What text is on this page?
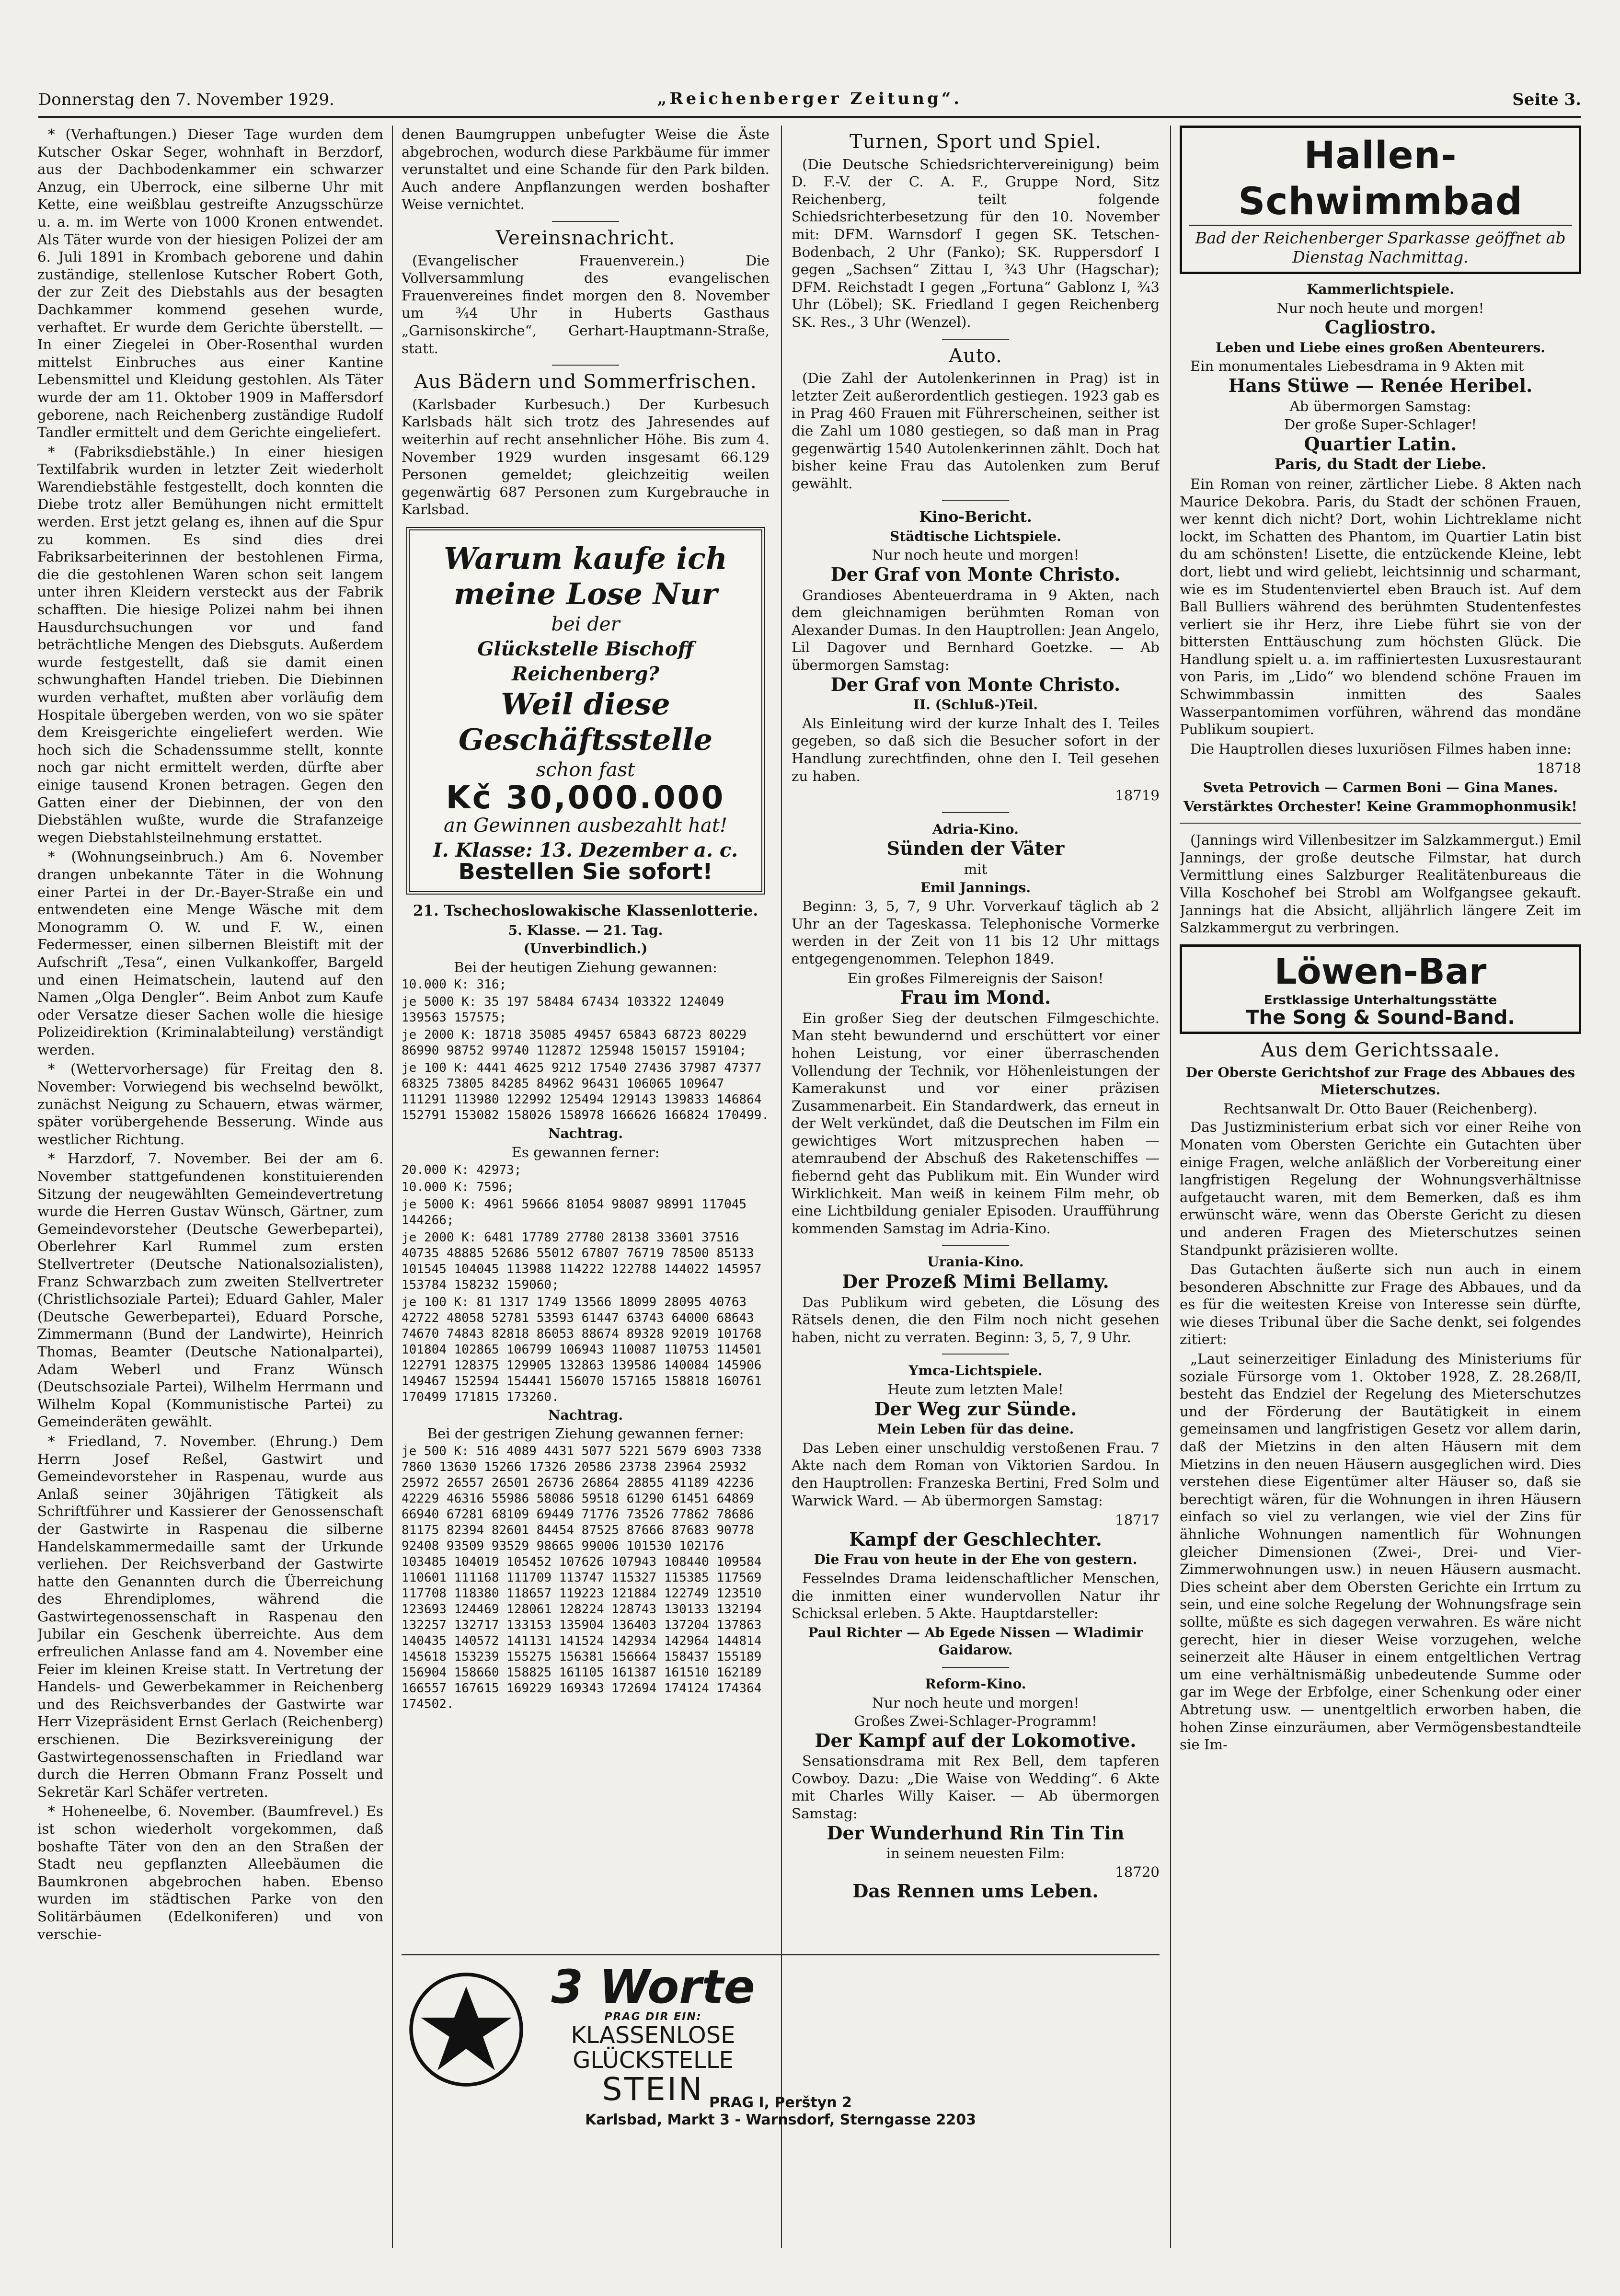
Donnerstag den 7. November 1929.	„Reichenberger Zeitung“.	Seite 3.

* (Verhaftungen.) Dieser Tage wurden dem Kutscher Oskar Seger, wohnhaft in Berzdorf, aus der Dachbodenkammer ein schwarzer Anzug, ein Uberrock, eine silberne Uhr mit Kette, eine weißblau gestreifte Anzugsschürze u. a. m. im Werte von 1000 Kronen entwendet. Als Täter wurde von der hiesigen Polizei der am 6. Juli 1891 in Krombach geborene und dahin zuständige, stellenlose Kutscher Robert Goth, der zur Zeit des Diebstahls aus der besagten Dachkammer kommend gesehen wurde, verhaftet. Er wurde dem Gerichte überstellt. — In einer Ziegelei in Ober-Rosenthal wurden mittelst Einbruches aus einer Kantine Lebensmittel und Kleidung gestohlen. Als Täter wurde der am 11. Oktober 1909 in Maffersdorf geborene, nach Reichenberg zuständige Rudolf Tandler ermittelt und dem Gerichte eingeliefert.

* (Fabriksdiebstähle.) In einer hiesigen Textilfabrik wurden in letzter Zeit wiederholt Warendiebstähle festgestellt, doch konnten die Diebe trotz aller Bemühungen nicht ermittelt werden. Erst jetzt gelang es, ihnen auf die Spur zu kommen. Es sind dies drei Fabriksarbeiterinnen der bestohlenen Firma, die die gestohlenen Waren schon seit langem unter ihren Kleidern versteckt aus der Fabrik schafften. Die hiesige Polizei nahm bei ihnen Hausdurchsuchungen vor und fand beträchtliche Mengen des Diebsguts. Außerdem wurde festgestellt, daß sie damit einen schwunghaften Handel trieben. Die Diebinnen wurden verhaftet, mußten aber vorläufig dem Hospitale übergeben werden, von wo sie später dem Kreisgerichte eingeliefert werden. Wie hoch sich die Schadenssumme stellt, konnte noch gar nicht ermittelt werden, dürfte aber einige tausend Kronen betragen. Gegen den Gatten einer der Diebinnen, der von den Diebstählen wußte, wurde die Strafanzeige wegen Diebstahlsteilnehmung erstattet.

* (Wohnungseinbruch.) Am 6. November drangen unbekannte Täter in die Wohnung einer Partei in der Dr.-Bayer-Straße ein und entwendeten eine Menge Wäsche mit dem Monogramm O. W. und F. W., einen Federmesser, einen silbernen Bleistift mit der Aufschrift „Tesa“, einen Vulkankoffer, Bargeld und einen Heimatschein, lautend auf den Namen „Olga Dengler“. Beim Anbot zum Kaufe oder Versatze dieser Sachen wolle die hiesige Polizeidirektion (Kriminalabteilung) verständigt werden.

* (Wettervorhersage) für Freitag den 8. November: Vorwiegend bis wechselnd bewölkt, zunächst Neigung zu Schauern, etwas wärmer, später vorübergehende Besserung. Winde aus westlicher Richtung.

* Harzdorf, 7. November. Bei der am 6. November stattgefundenen konstituierenden Sitzung der neugewählten Gemeindevertretung wurde die Herren Gustav Wünsch, Gärtner, zum Gemeindevorsteher (Deutsche Gewerbepartei), Oberlehrer Karl Rummel zum ersten Stellvertreter (Deutsche Nationalsozialisten), Franz Schwarzbach zum zweiten Stellvertreter (Christlichsoziale Partei); Eduard Gahler, Maler (Deutsche Gewerbepartei), Eduard Porsche, Zimmermann (Bund der Landwirte), Heinrich Thomas, Beamter (Deutsche Nationalpartei), Adam Weberl und Franz Wünsch (Deutschsoziale Partei), Wilhelm Herrmann und Wilhelm Kopal (Kommunistische Partei) zu Gemeinderäten gewählt.

* Friedland, 7. November. (Ehrung.) Dem Herrn Josef Reßel, Gastwirt und Gemeindevorsteher in Raspenau, wurde aus Anlaß seiner 30jährigen Tätigkeit als Schriftführer und Kassierer der Genossenschaft der Gastwirte in Raspenau die silberne Handelskammermedaille samt der Urkunde verliehen. Der Reichsverband der Gastwirte hatte den Genannten durch die Überreichung des Ehrendiplomes, während die Gastwirtegenossenschaft in Raspenau den Jubilar ein Geschenk überreichte. Aus dem erfreulichen Anlasse fand am 4. November eine Feier im kleinen Kreise statt. In Vertretung der Handels- und Gewerbekammer in Reichenberg und des Reichsverbandes der Gastwirte war Herr Vizepräsident Ernst Gerlach (Reichenberg) erschienen. Die Bezirksvereinigung der Gastwirtegenossenschaften in Friedland war durch die Herren Obmann Franz Posselt und Sekretär Karl Schäfer vertreten.

* Hoheneelbe, 6. November. (Baumfrevel.) Es ist schon wiederholt vorgekommen, daß boshafte Täter von den an den Straßen der Stadt neu gepflanzten Alleebäumen die Baumkronen abgebrochen haben. Ebenso wurden im städtischen Parke von den Solitärbäumen (Edelkoniferen) und von verschie-

denen Baumgruppen unbefugter Weise die Äste abgebrochen, wodurch diese Parkbäume für immer verunstaltet und eine Schande für den Park bilden. Auch andere Anpflanzungen werden boshafter Weise vernichtet.

Vereinsnachricht.

(Evangelischer Frauenverein.) Die Vollversammlung des evangelischen Frauenvereines findet morgen den 8. November um ¾4 Uhr in Huberts Gasthaus „Garnisonskirche“, Gerhart-Hauptmann-Straße, statt.

Aus Bädern und Sommerfrischen.

(Karlsbader Kurbesuch.) Der Kurbesuch Karlsbads hält sich trotz des Jahresendes auf weiterhin auf recht ansehnlicher Höhe. Bis zum 4. November 1929 wurden insgesamt 66.129 Personen gemeldet; gleichzeitig weilen gegenwärtig 687 Personen zum Kurgebrauche in Karlsbad.

Warum kaufe ich meine Lose Nur
bei der
Glückstelle Bischoff Reichenberg?
Weil diese Geschäftsstelle
schon fast
Kč 30,000.000
an Gewinnen ausbezahlt hat!
I. Klasse: 13. Dezember a. c.
Bestellen Sie sofort!
21. Tschechoslowakische Klassenlotterie.
5. Klasse. — 21. Tag.
(Unverbindlich.)

Bei der heutigen Ziehung gewannen:

10.000 K: 316;

je 5000 K: 35 197 58484 67434 103322 124049 139563 157575;

je 2000 K: 18718 35085 49457 65843 68723 80229 86990 98752 99740 112872 125948 150157 159104;

je 100 K: 4441 4625 9212 17540 27436 37987 47377 68325 73805 84285 84962 96431 106065 109647 111291 113980 122992 125494 129143 139833 146864 152791 153082 158026 158978 166626 166824 170499.

Nachtrag.

Es gewannen ferner:

20.000 K: 42973;

10.000 K: 7596;

je 5000 K: 4961 59666 81054 98087 98991 117045 144266;

je 2000 K: 6481 17789 27780 28138 33601 37516 40735 48885 52686 55012 67807 76719 78500 85133 101545 104045 113988 114222 122788 144022 145957 153784 158232 159060;

je 100 K: 81 1317 1749 13566 18099 28095 40763 42722 48058 52781 53593 61447 63743 64000 68643 74670 74843 82818 86053 88674 89328 92019 101768 101804 102865 106799 106943 110087 110753 114501 122791 128375 129905 132863 139586 140084 145906 149467 152594 154441 156070 157165 158818 160761 170499 171815 173260.

Nachtrag.

Bei der gestrigen Ziehung gewannen ferner:

je 500 K: 516 4089 4431 5077 5221 5679 6903 7338 7860 13630 15266 17326 20586 23738 23964 25932 25972 26557 26501 26736 26864 28855 41189 42236 42229 46316 55986 58086 59518 61290 61451 64869 66940 67281 68109 69449 71776 73526 77862 78686 81175 82394 82601 84454 87525 87666 87683 90778 92408 93509 93529 98665 99006 101530 102176 103485 104019 105452 107626 107943 108440 109584 110601 111168 111709 113747 115327 115385 117569 117708 118380 118657 119223 121884 122749 123510 123693 124469 128061 128224 128743 130133 132194 132257 132717 133153 135904 136403 137204 137863 140435 140572 141131 141524 142934 142964 144814 145618 153239 155275 156381 156664 158437 155189 156904 158660 158825 161105 161387 161510 162189 166557 167615 169229 169343 172694 174124 174364 174502.

Turnen, Sport und Spiel.

(Die Deutsche Schiedsrichtervereinigung) beim D. F.-V. der C. A. F., Gruppe Nord, Sitz Reichenberg, teilt folgende Schiedsrichterbesetzung für den 10. November mit: DFM. Warnsdorf I gegen SK. Tetschen-Bodenbach, 2 Uhr (Fanko); SK. Ruppersdorf I gegen „Sachsen“ Zittau I, ¾3 Uhr (Hagschar); DFM. Reichstadt I gegen „Fortuna“ Gablonz I, ¾3 Uhr (Löbel); SK. Friedland I gegen Reichenberg SK. Res., 3 Uhr (Wenzel).

Auto.

(Die Zahl der Autolenkerinnen in Prag) ist in letzter Zeit außerordentlich gestiegen. 1923 gab es in Prag 460 Frauen mit Führerscheinen, seither ist die Zahl um 1080 gestiegen, so daß man in Prag gegenwärtig 1540 Autolenkerinnen zählt. Doch hat bisher keine Frau das Autolenken zum Beruf gewählt.

Kino-Bericht.
Städtische Lichtspiele.

Nur noch heute und morgen!

Der Graf von Monte Christo.

Grandioses Abenteuerdrama in 9 Akten, nach dem gleichnamigen berühmten Roman von Alexander Dumas. In den Hauptrollen: Jean Angelo, Lil Dagover und Bernhard Goetzke. — Ab übermorgen Samstag:

Der Graf von Monte Christo.
II. (Schluß-)Teil.

Als Einleitung wird der kurze Inhalt des I. Teiles gegeben, so daß sich die Besucher sofort in der Handlung zurechtfinden, ohne den I. Teil gesehen zu haben.

18719

Adria-Kino.
Sünden der Väter

mit

Emil Jannings.

Beginn: 3, 5, 7, 9 Uhr. Vorverkauf täglich ab 2 Uhr an der Tageskassa. Telephonische Vormerke werden in der Zeit von 11 bis 12 Uhr mittags entgegengenommen. Telephon 1849.

Ein großes Filmereignis der Saison!

Frau im Mond.

Ein großer Sieg der deutschen Filmgeschichte. Man steht bewundernd und erschüttert vor einer hohen Leistung, vor einer überraschenden Vollendung der Technik, vor Höhenleistungen der Kamerakunst und vor einer präzisen Zusammenarbeit. Ein Standardwerk, das erneut in der Welt verkündet, daß die Deutschen im Film ein gewichtiges Wort mitzusprechen haben — atemraubend der Abschuß des Raketenschiffes — fiebernd geht das Publikum mit. Ein Wunder wird Wirklichkeit. Man weiß in keinem Film mehr, ob eine Lichtbildung genialer Episoden. Uraufführung kommenden Samstag im Adria-Kino.

Urania-Kino.
Der Prozeß Mimi Bellamy.

Das Publikum wird gebeten, die Lösung des Rätsels denen, die den Film noch nicht gesehen haben, nicht zu verraten. Beginn: 3, 5, 7, 9 Uhr.

Ymca-Lichtspiele.

Heute zum letzten Male!

Der Weg zur Sünde.
Mein Leben für das deine.

Das Leben einer unschuldig verstoßenen Frau. 7 Akte nach dem Roman von Viktorien Sardou. In den Hauptrollen: Franzeska Bertini, Fred Solm und Warwick Ward. — Ab übermorgen Samstag:

18717

Kampf der Geschlechter.
Die Frau von heute in der Ehe von gestern.

Fesselndes Drama leidenschaftlicher Menschen, die inmitten einer wundervollen Natur ihr Schicksal erleben. 5 Akte. Hauptdarsteller:

Paul Richter — Ab Egede Nissen — Wladimir Gaidarow.
Reform-Kino.

Nur noch heute und morgen!

Großes Zwei-Schlager-Programm!

Der Kampf auf der Lokomotive.

Sensationsdrama mit Rex Bell, dem tapferen Cowboy. Dazu: „Die Waise von Wedding“. 6 Akte mit Charles Willy Kaiser. — Ab übermorgen Samstag:

Der Wunderhund Rin Tin Tin

in seinem neuesten Film:

18720

Das Rennen ums Leben.
Hallen-Schwimmbad
Bad der Reichenberger Sparkasse geöffnet ab Dienstag Nachmittag.
Kammerlichtspiele.

Nur noch heute und morgen!

Cagliostro.
Leben und Liebe eines großen Abenteurers.

Ein monumentales Liebesdrama in 9 Akten mit

Hans Stüwe — Renée Heribel.

Ab übermorgen Samstag:

Der große Super-Schlager!

Quartier Latin.
Paris, du Stadt der Liebe.

Ein Roman von reiner, zärtlicher Liebe. 8 Akten nach Maurice Dekobra. Paris, du Stadt der schönen Frauen, wer kennt dich nicht? Dort, wohin Lichtreklame nicht lockt, im Schatten des Phantom, im Quartier Latin bist du am schönsten! Lisette, die entzückende Kleine, lebt dort, liebt und wird geliebt, leichtsinnig und scharmant, wie es im Studentenviertel eben Brauch ist. Auf dem Ball Bulliers während des berühmten Studentenfestes verliert sie ihr Herz, ihre Liebe führt sie von der bittersten Enttäuschung zum höchsten Glück. Die Handlung spielt u. a. im raffiniertesten Luxusrestaurant von Paris, im „Lido“ wo blendend schöne Frauen im Schwimmbassin inmitten des Saales Wasserpantomimen vorführen, während das mondäne Publikum soupiert.

Die Hauptrollen dieses luxuriösen Filmes haben inne:

18718

Sveta Petrovich — Carmen Boni — Gina Manes.

Verstärktes Orchester! Keine Grammophonmusik!

(Jannings wird Villenbesitzer im Salzkammergut.) Emil Jannings, der große deutsche Filmstar, hat durch Vermittlung eines Salzburger Realitätenbureaus die Villa Koschohef bei Strobl am Wolfgangsee gekauft. Jannings hat die Absicht, alljährlich längere Zeit im Salzkammergut zu verbringen.

Löwen-Bar
Erstklassige Unterhaltungsstätte
The Song & Sound-Band.
Aus dem Gerichtssaale.
Der Oberste Gerichtshof zur Frage des Abbaues des Mieterschutzes.

Rechtsanwalt Dr. Otto Bauer (Reichenberg).

Das Justizministerium erbat sich vor einer Reihe von Monaten vom Obersten Gerichte ein Gutachten über einige Fragen, welche anläßlich der Vorbereitung einer langfristigen Regelung der Wohnungsverhältnisse aufgetaucht waren, mit dem Bemerken, daß es ihm erwünscht wäre, wenn das Oberste Gericht zu diesen und anderen Fragen des Mieterschutzes seinen Standpunkt präzisieren wollte.

Das Gutachten äußerte sich nun auch in einem besonderen Abschnitte zur Frage des Abbaues, und da es für die weitesten Kreise von Interesse sein dürfte, wie dieses Tribunal über die Sache denkt, sei folgendes zitiert:

„Laut seinerzeitiger Einladung des Ministeriums für soziale Fürsorge vom 1. Oktober 1928, Z. 28.268/II, besteht das Endziel der Regelung des Mieterschutzes und der Förderung der Bautätigkeit in einem gemeinsamen und langfristigen Gesetz vor allem darin, daß der Mietzins in den alten Häusern mit dem Mietzins in den neuen Häusern ausgeglichen wird. Dies verstehen diese Eigentümer alter Häuser so, daß sie berechtigt wären, für die Wohnungen in ihren Häusern einfach so viel zu verlangen, wie viel der Zins für ähnliche Wohnungen namentlich für Wohnungen gleicher Dimensionen (Zwei-, Drei- und Vier-Zimmerwohnungen usw.) in neuen Häusern ausmacht. Dies scheint aber dem Obersten Gerichte ein Irrtum zu sein, und eine solche Regelung der Wohnungsfrage sein sollte, müßte es sich dagegen verwahren. Es wäre nicht gerecht, hier in dieser Weise vorzugehen, welche seinerzeit alte Häuser in einem entgeltlichen Vertrag um eine verhältnismäßig unbedeutende Summe oder gar im Wege der Erbfolge, einer Schenkung oder einer Abtretung usw. — unentgeltlich erworben haben, die hohen Zinse einzuräumen, aber Vermögensbestandteile sie Im-

3 Worte
PRAG DIR EIN:
KLASSENLOSE
GLÜCKSTELLE
STEIN PRAG I, Perštyn 2
Karlsbad, Markt 3 - Warnsdorf, Sterngasse 2203
